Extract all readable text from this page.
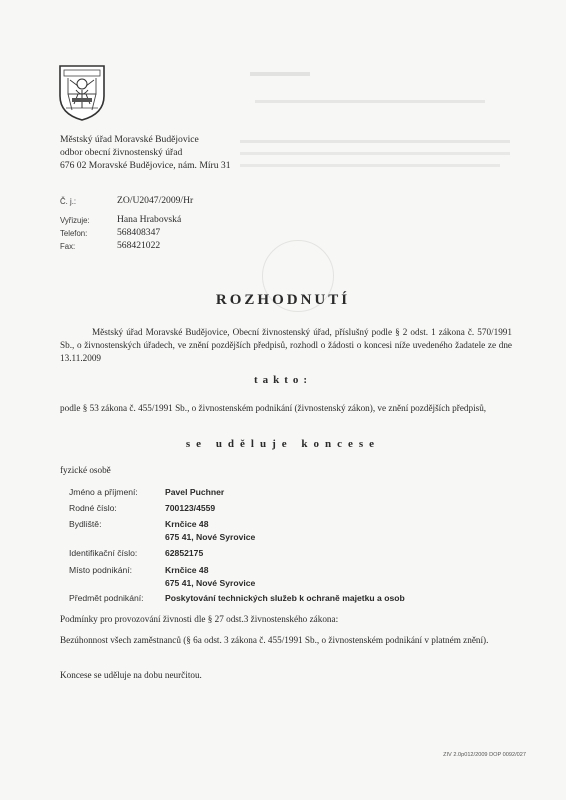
Městský úřad Moravské Budějovice
odbor obecní živnostenský úřad
676 02 Moravské Budějovice, nám. Míru 31
Č. j.:	ZO/U2047/2009/Hr
Vyřizuje:	Hana Hrabovská
Telefon:	568408347
Fax:	568421022
ROZHODNUTÍ
Městský úřad Moravské Budějovice, Obecní živnostenský úřad, příslušný podle § 2 odst. 1 zákona č. 570/1991 Sb., o živnostenských úřadech, ve znění pozdějších předpisů, rozhodl o žádosti o koncesi níže uvedeného žadatele ze dne 13.11.2009
takto:
podle § 53 zákona č. 455/1991 Sb., o živnostenském podnikání (živnostenský zákon), ve znění pozdějších předpisů,
se uděluje koncese
fyzické osobě
Jméno a příjmení:	Pavel Puchner
Rodné číslo:	700123/4559
Bydliště:	Krnčice 48
675 41, Nové Syrovice
Identifikační číslo:	62852175
Místo podnikání:	Krnčice 48
675 41, Nové Syrovice
Předmět podnikání: Poskytování technických služeb k ochraně majetku a osob
Podmínky pro provozování živnosti dle § 27 odst.3 živnostenského zákona:
Bezúhonnost všech zaměstnanců (§ 6a odst. 3 zákona č. 455/1991 Sb., o živnostenském podnikání v platném znění).
Koncese se uděluje na dobu neurčitou.
ZIV 2.0p012/2009 DOP 0092/027
